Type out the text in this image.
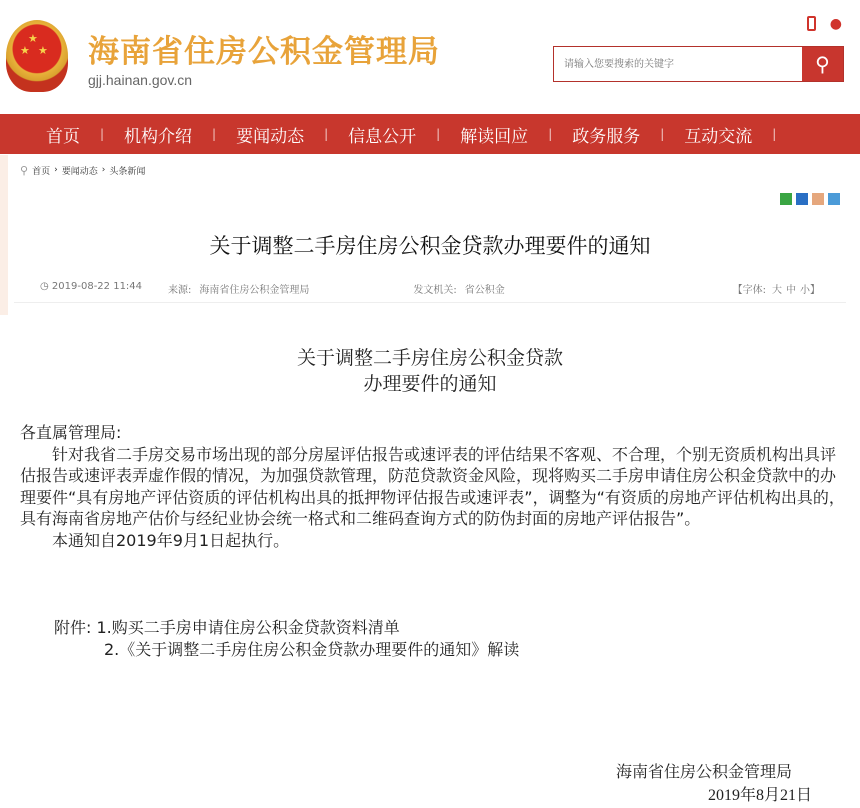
★
★ ★ 海南省住房公积金管理局
gjj.hainan.gov.cn
●
请输入您要搜索的关键字
⚲
首页	|	机构介绍	|	要闻动态	|	信息公开	|	解读回应	|	政务服务	|	互动交流	|
⚲ 首页 › 要闻动态 › 头条新闻
关于调整二手房住房公积金贷款办理要件的通知
◷ 2019-08-22 11:44	来源: 海南省住房公积金管理局	发文机关: 省公积金	【字体: 大 中 小 】
关于调整二手房住房公积金贷款
办理要件的通知

各直属管理局:

针对我省二手房交易市场出现的部分房屋评估报告或速评表的评估结果不客观、不合理，个别无资质机构出具评估报告或速评表弄虚作假的情况，为加强贷款管理，防范贷款资金风险，现将购买二手房申请住房公积金贷款中的办理要件“具有房地产评估资质的评估机构出具的抵押物评估报告或速评表”，调整为“有资质的房地产评估机构出具的，具有海南省房地产估价与经纪业协会统一格式和二维码查询方式的防伪封面的房地产评估报告”。

本通知自2019年9月1日起执行。

附件: 1.购买二手房申请住房公积金贷款资料清单
2.《关于调整二手房住房公积金贷款办理要件的通知》解读
海南省住房公积金管理局
2019年8月21日
